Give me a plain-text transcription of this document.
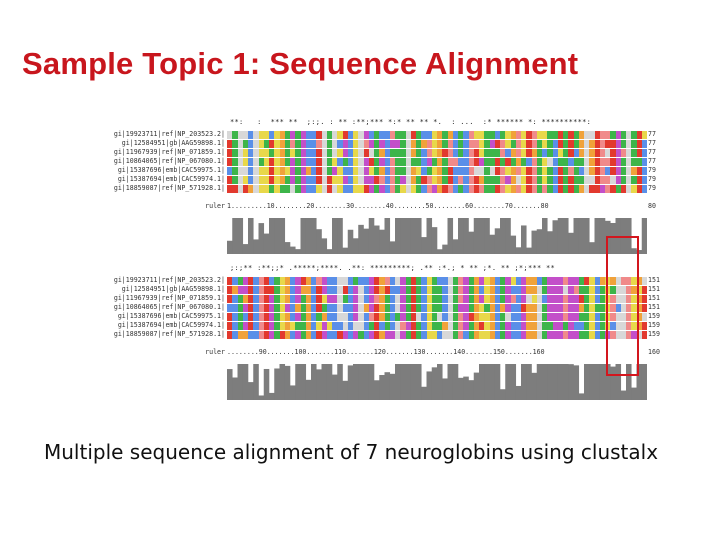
Sample Topic 1: Sequence Alignment
**:   :  *** **  ;:;. : ** :**;*** *:* ** ** *.  : ...  :* ****** *: **********:
gi|19923711|ref|NP_203523.2|
gi|12584951|gb|AAG59898.1|
gi|11967939|ref|NP_071859.1|
gi|10864065|ref|NP_067080.1|
gi|15387696|emb|CAC59975.1|
gi|15387694|emb|CAC59974.1|
gi|18859087|ref|NP_571928.1|
77
77
77
77
79
79
79
ruler 1.........10........20........30........40........50........60........70.......80	80
;:;** :**;;* .*****;****. .**: *********; .** :*.; * ** ;*. ** ;*;*** **
gi|19923711|ref|NP_203523.2|
gi|12584951|gb|AAG59898.1|
gi|11967939|ref|NP_071859.1|
gi|10864065|ref|NP_067080.1|
gi|15387696|emb|CAC59975.1|
gi|15387694|emb|CAC59974.1|
gi|18859087|ref|NP_571928.1|
151
151
151
151
159
159
159
ruler ........90.......100.......110.......120.......130.......140.......150.......160	160
Multiple sequence alignment of 7 neuroglobins using clustalx
